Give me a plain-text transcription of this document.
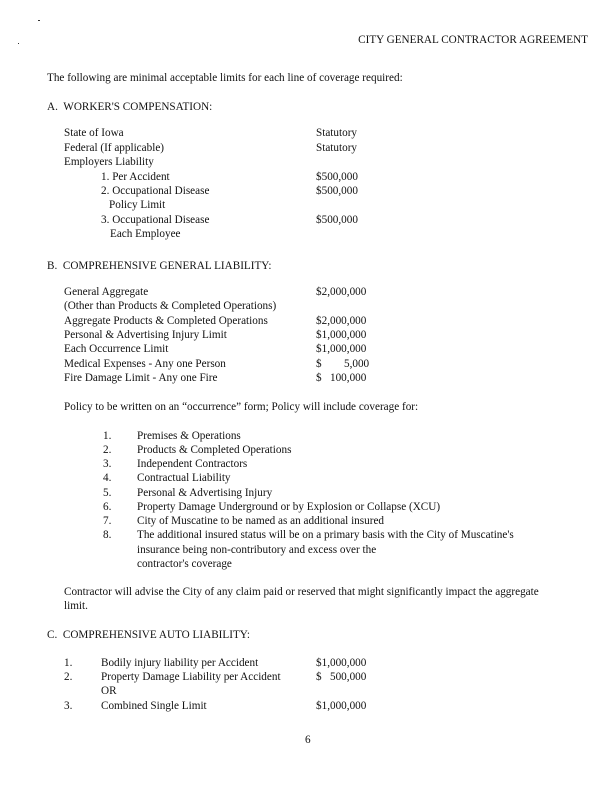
CITY GENERAL CONTRACTOR AGREEMENT
The following are minimal acceptable limits for each line of coverage required:
A.  WORKER'S COMPENSATION:
State of Iowa	Statutory
Federal (If applicable)	Statutory
Employers Liability
1. Per Accident	$500,000
2. Occupational Disease	$500,000
Policy Limit
3. Occupational Disease	$500,000
Each Employee
B.  COMPREHENSIVE GENERAL LIABILITY:
General Aggregate	$2,000,000
(Other than Products & Completed Operations)
Aggregate Products & Completed Operations	$2,000,000
Personal & Advertising Injury Limit	$1,000,000
Each Occurrence Limit	$1,000,000
Medical Expenses - Any one Person	$        5,000
Fire Damage Limit - Any one Fire	$   100,000
Policy to be written on an “occurrence” form; Policy will include coverage for:
1. Premises & Operations
2. Products & Completed Operations
3. Independent Contractors
4. Contractual Liability
5. Personal & Advertising Injury
6. Property Damage Underground or by Explosion or Collapse (XCU)
7. City of Muscatine to be named as an additional insured
8. The additional insured status will be on a primary basis with the City of Muscatine's
insurance being non-contributory and excess over the
contractor's coverage
Contractor will advise the City of any claim paid or reserved that might significantly impact the aggregate
limit.
C.  COMPREHENSIVE AUTO LIABILITY:
1.	Bodily injury liability per Accident	$1,000,000
2.	Property Damage Liability per Accident	$   500,000
OR
3.	Combined Single Limit	$1,000,000
6
